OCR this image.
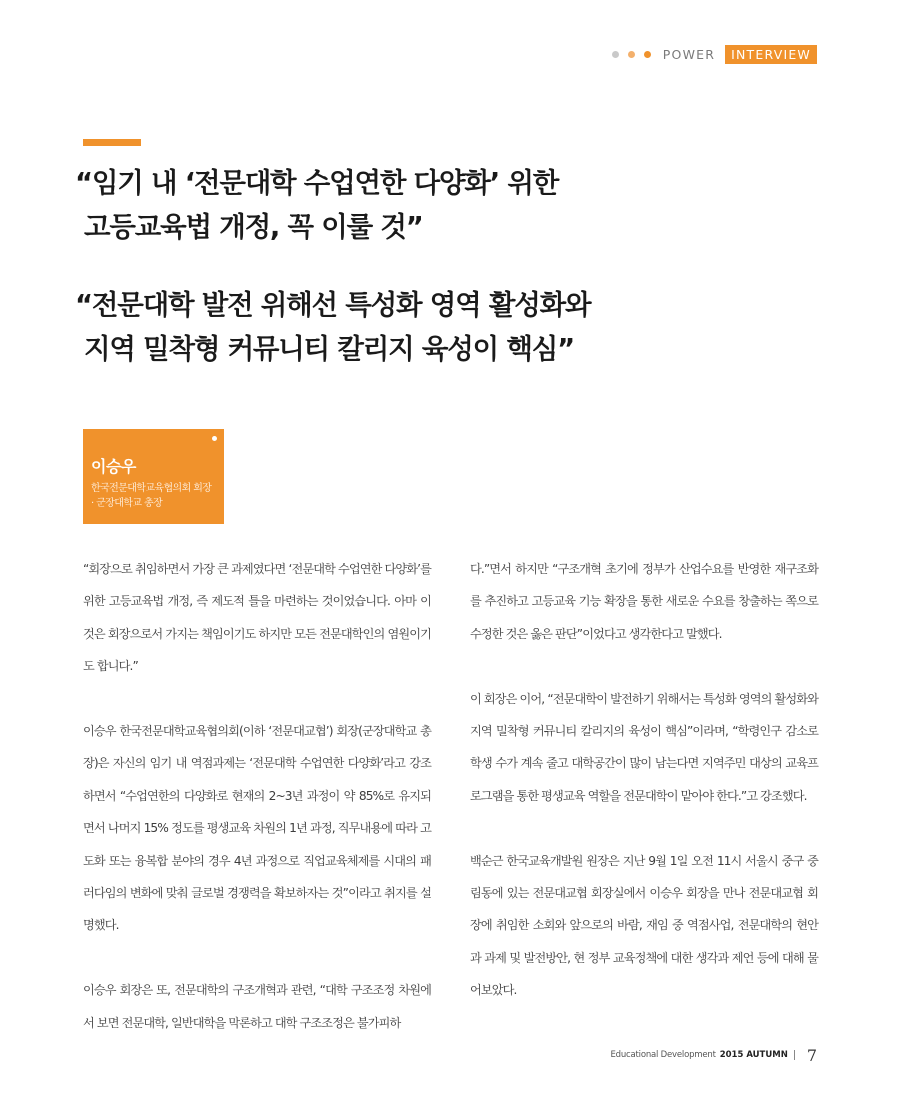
POWER	INTERVIEW
“임기 내 ‘전문대학 수업연한 다양화’ 위한
고등교육법 개정, 꼭 이룰 것”
“전문대학 발전 위해선 특성화 영역 활성화와
지역 밀착형 커뮤니티 칼리지 육성이 핵심”
이승우
한국전문대학교육협의회 회장
· 군장대학교 총장

“회장으로 취임하면서 가장 큰 과제였다면 ‘전문대학 수업연한 다양화’를 위한 고등교육법 개정, 즉 제도적 틀을 마련하는 것이었습니다. 아마 이것은 회장으로서 가지는 책임이기도 하지만 모든 전문대학인의 염원이기도 합니다.”

이승우 한국전문대학교육협의회(이하 ‘전문대교협’) 회장(군장대학교 총장)은 자신의 임기 내 역점과제는 ‘전문대학 수업연한 다양화’라고 강조하면서 “수업연한의 다양화로 현재의 2~3년 과정이 약 85%로 유지되면서 나머지 15% 정도를 평생교육 차원의 1년 과정, 직무내용에 따라 고도화 또는 융복합 분야의 경우 4년 과정으로 직업교육체제를 시대의 패러다임의 변화에 맞춰 글로벌 경쟁력을 확보하자는 것”이라고 취지를 설명했다.

이승우 회장은 또, 전문대학의 구조개혁과 관련, “대학 구조조정 차원에서 보면 전문대학, 일반대학을 막론하고 대학 구조조정은 불가피하

다.”면서 하지만 “구조개혁 초기에 정부가 산업수요를 반영한 재구조화를 추진하고 고등교육 기능 확장을 통한 새로운 수요를 창출하는 쪽으로 수정한 것은 옳은 판단”이었다고 생각한다고 말했다.

이 회장은 이어, “전문대학이 발전하기 위해서는 특성화 영역의 활성화와 지역 밀착형 커뮤니티 칼리지의 육성이 핵심”이라며, “학령인구 감소로 학생 수가 계속 줄고 대학공간이 많이 남는다면 지역주민 대상의 교육프로그램을 통한 평생교육 역할을 전문대학이 맡아야 한다.”고 강조했다.

백순근 한국교육개발원 원장은 지난 9월 1일 오전 11시 서울시 중구 중림동에 있는 전문대교협 회장실에서 이승우 회장을 만나 전문대교협 회장에 취임한 소회와 앞으로의 바람, 재임 중 역점사업, 전문대학의 현안과 과제 및 발전방안, 현 정부 교육정책에 대한 생각과 제언 등에 대해 물어보았다.

Educational Development 2015 AUTUMN 7
